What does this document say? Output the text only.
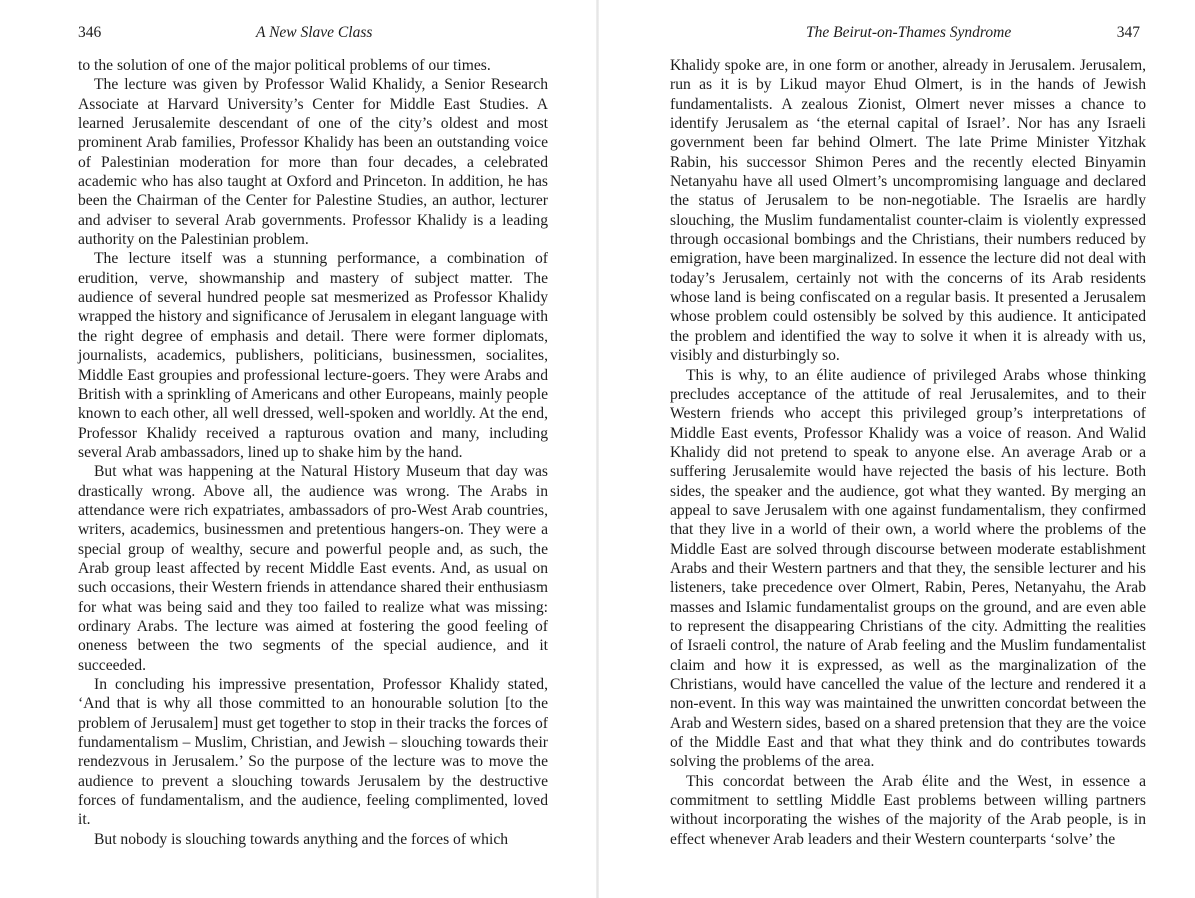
346	A New Slave Class

to the solution of one of the major political problems of our times.

The lecture was given by Professor Walid Khalidy, a Senior Research Associate at Harvard University’s Center for Middle East Studies. A learned Jerusalemite descendant of one of the city’s oldest and most prominent Arab families, Professor Khalidy has been an outstanding voice of Palestinian moderation for more than four decades, a celebrated academic who has also taught at Oxford and Princeton. In addition, he has been the Chairman of the Center for Palestine Studies, an author, lecturer and adviser to several Arab governments. Professor Khalidy is a leading authority on the Palestinian problem.

The lecture itself was a stunning performance, a combination of erudition, verve, showmanship and mastery of subject matter. The audience of several hundred people sat mesmerized as Professor Khalidy wrapped the history and significance of Jerusalem in elegant language with the right degree of emphasis and detail. There were former diplomats, journalists, academics, publishers, politicians, businessmen, socialites, Middle East groupies and professional lecture-goers. They were Arabs and British with a sprinkling of Americans and other Europeans, mainly people known to each other, all well dressed, well-spoken and worldly. At the end, Professor Khalidy received a rapturous ovation and many, including several Arab ambassadors, lined up to shake him by the hand.

But what was happening at the Natural History Museum that day was drastically wrong. Above all, the audience was wrong. The Arabs in attendance were rich expatriates, ambassadors of pro-West Arab countries, writers, academics, businessmen and pretentious hangers-on. They were a special group of wealthy, secure and powerful people and, as such, the Arab group least affected by recent Middle East events. And, as usual on such occasions, their Western friends in attendance shared their enthusiasm for what was being said and they too failed to realize what was missing: ordinary Arabs. The lecture was aimed at fostering the good feeling of oneness between the two segments of the special audience, and it succeeded.

In concluding his impressive presentation, Professor Khalidy stated, ‘And that is why all those committed to an honourable solution [to the problem of Jerusalem] must get together to stop in their tracks the forces of fundamentalism – Muslim, Christian, and Jewish – slouching towards their rendezvous in Jerusalem.’ So the purpose of the lecture was to move the audience to prevent a slouching towards Jerusalem by the destructive forces of fundamentalism, and the audience, feeling complimented, loved it.

But nobody is slouching towards anything and the forces of which

The Beirut-on-Thames Syndrome	347

Khalidy spoke are, in one form or another, already in Jerusalem. Jerusalem, run as it is by Likud mayor Ehud Olmert, is in the hands of Jewish fundamentalists. A zealous Zionist, Olmert never misses a chance to identify Jerusalem as ‘the eternal capital of Israel’. Nor has any Israeli government been far behind Olmert. The late Prime Minister Yitzhak Rabin, his successor Shimon Peres and the recently elected Binyamin Netanyahu have all used Olmert’s uncompromising language and declared the status of Jerusalem to be non-negotiable. The Israelis are hardly slouching, the Muslim fundamentalist counter-claim is violently expressed through occasional bombings and the Christians, their numbers reduced by emigration, have been marginalized. In essence the lecture did not deal with today’s Jerusalem, certainly not with the concerns of its Arab residents whose land is being confiscated on a regular basis. It presented a Jerusalem whose problem could ostensibly be solved by this audience. It anticipated the problem and identified the way to solve it when it is already with us, visibly and disturbingly so.

This is why, to an élite audience of privileged Arabs whose thinking precludes acceptance of the attitude of real Jerusalemites, and to their Western friends who accept this privileged group’s interpretations of Middle East events, Professor Khalidy was a voice of reason. And Walid Khalidy did not pretend to speak to anyone else. An average Arab or a suffering Jerusalemite would have rejected the basis of his lecture. Both sides, the speaker and the audience, got what they wanted. By merging an appeal to save Jerusalem with one against fundamentalism, they confirmed that they live in a world of their own, a world where the problems of the Middle East are solved through discourse between moderate establishment Arabs and their Western partners and that they, the sensible lecturer and his listeners, take precedence over Olmert, Rabin, Peres, Netanyahu, the Arab masses and Islamic fundamentalist groups on the ground, and are even able to represent the disappearing Christians of the city. Admitting the realities of Israeli control, the nature of Arab feeling and the Muslim fundamentalist claim and how it is expressed, as well as the marginalization of the Christians, would have cancelled the value of the lecture and rendered it a non-event. In this way was maintained the unwritten concordat between the Arab and Western sides, based on a shared pretension that they are the voice of the Middle East and that what they think and do contributes towards solving the problems of the area.

This concordat between the Arab élite and the West, in essence a commitment to settling Middle East problems between willing partners without incorporating the wishes of the majority of the Arab people, is in effect whenever Arab leaders and their Western counterparts ‘solve’ the
